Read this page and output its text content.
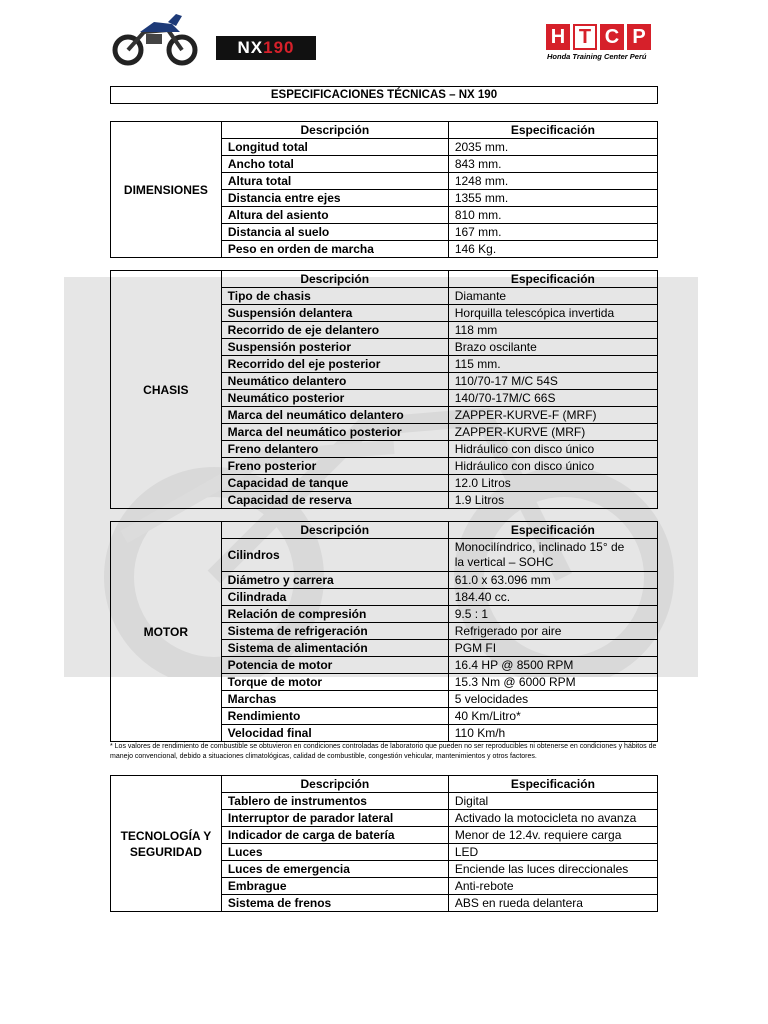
NX 190	H T C P
Honda Training Center Perú
ESPECIFICACIONES TÉCNICAS – NX 190
DIMENSIONES	Descripción	Especificación
	Longitud total	2035 mm.
	Ancho total	843 mm.
	Altura total	1248 mm.
	Distancia entre ejes	1355 mm.
	Altura del asiento	810 mm.
	Distancia al suelo	167 mm.
	Peso en orden de marcha	146 Kg.
CHASIS	Descripción	Especificación
	Tipo de chasis	Diamante
	Suspensión delantera	Horquilla telescópica invertida
	Recorrido de eje delantero	118 mm
	Suspensión posterior	Brazo oscilante
	Recorrido del eje posterior	115 mm.
	Neumático delantero	110/70-17 M/C 54S
	Neumático posterior	140/70-17M/C 66S
	Marca del neumático delantero	ZAPPER-KURVE-F (MRF)
	Marca del neumático posterior	ZAPPER-KURVE (MRF)
	Freno delantero	Hidráulico con disco único
	Freno posterior	Hidráulico con disco único
	Capacidad de tanque	12.0 Litros
	Capacidad de reserva	1.9 Litros
MOTOR	Descripción	Especificación
	Cilindros	Monocilíndrico, inclinado 15° de
la vertical – SOHC
	Diámetro y carrera	61.0 x 63.096 mm
	Cilindrada	184.40 cc.
	Relación de compresión	9.5 : 1
	Sistema de refrigeración	Refrigerado por aire
	Sistema de alimentación	PGM FI
	Potencia de motor	16.4 HP @ 8500 RPM
	Torque de motor	15.3 Nm @ 6000 RPM
	Marchas	5 velocidades
	Rendimiento	40 Km/Litro*
	Velocidad final	110 Km/h
* Los valores de rendimiento de combustible se obtuvieron en condiciones controladas de laboratorio que pueden no ser reproducibles ni obtenerse en condiciones y hábitos de manejo convencional, debido a situaciones climatológicas, calidad de combustible, congestión vehicular, mantenimientos y otros factores.
TECNOLOGÍA Y
SEGURIDAD	Descripción	Especificación
	Tablero de instrumentos	Digital
	Interruptor de parador lateral	Activado la motocicleta no avanza
	Indicador de carga de batería	Menor de 12.4v. requiere carga
	Luces	LED
	Luces de emergencia	Enciende las luces direccionales
	Embrague	Anti-rebote
	Sistema de frenos	ABS en rueda delantera
